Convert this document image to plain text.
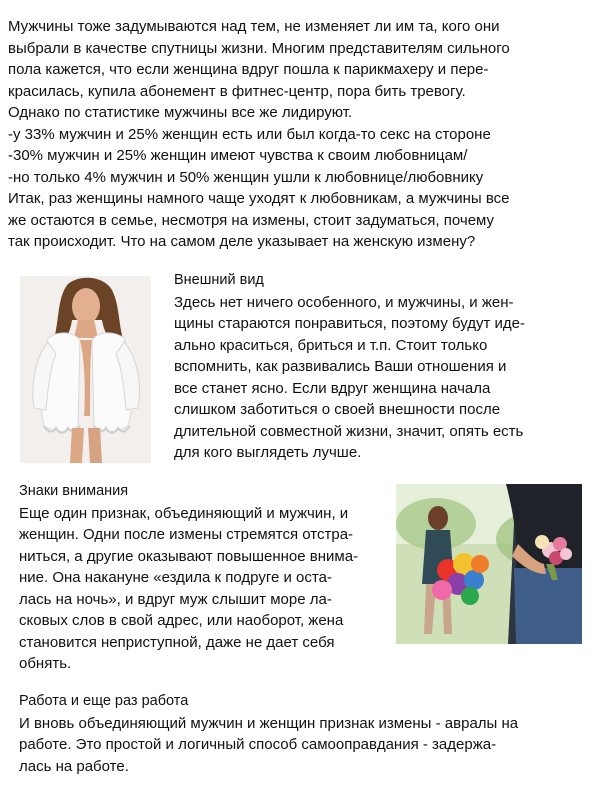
Мужчины тоже задумываются над тем, не изменяет ли им та, кого они
выбрали в качестве спутницы жизни. Многим представителям сильного
пола кажется, что если женщина вдруг пошла к парикмахеру и пере-
красилась, купила абонемент в фитнес-центр, пора бить тревогу.
Однако по статистике мужчины все же лидируют.
-у 33% мужчин и 25% женщин есть или был когда-то секс на стороне
-30% мужчин и 25% женщин имеют чувства к своим любовницам/
-но только 4% мужчин и 50% женщин ушли к любовнице/любовнику
Итак, раз женщины намного чаще уходят к любовникам, а мужчины все
же остаются в семье, несмотря на измены, стоит задуматься, почему
так происходит. Что на самом деле указывает на женскую измену?
Внешний вид
Здесь нет ничего особенного, и мужчины, и жен-
щины стараются понравиться, поэтому будут иде-
ально краситься, бриться и т.п. Стоит только
вспомнить, как развивались Ваши отношения и
все станет ясно. Если вдруг женщина начала
слишком заботиться о своей внешности после
длительной совместной жизни, значит, опять есть
для кого выглядеть лучше.
Знаки внимания
Еще один признак, объединяющий и мужчин, и
женщин. Одни после измены стремятся отстра-
ниться, а другие оказывают повышенное внима-
ние. Она накануне «ездила к подруге и оста-
лась на ночь», и вдруг муж слышит море ла-
сковых слов в свой адрес, или наоборот, жена
становится неприступной, даже не дает себя
обнять.
Работа и еще раз работа
И вновь объединяющий мужчин и женщин признак измены - авралы на
работе. Это простой и логичный способ самооправдания - задержа-
лась на работе.
